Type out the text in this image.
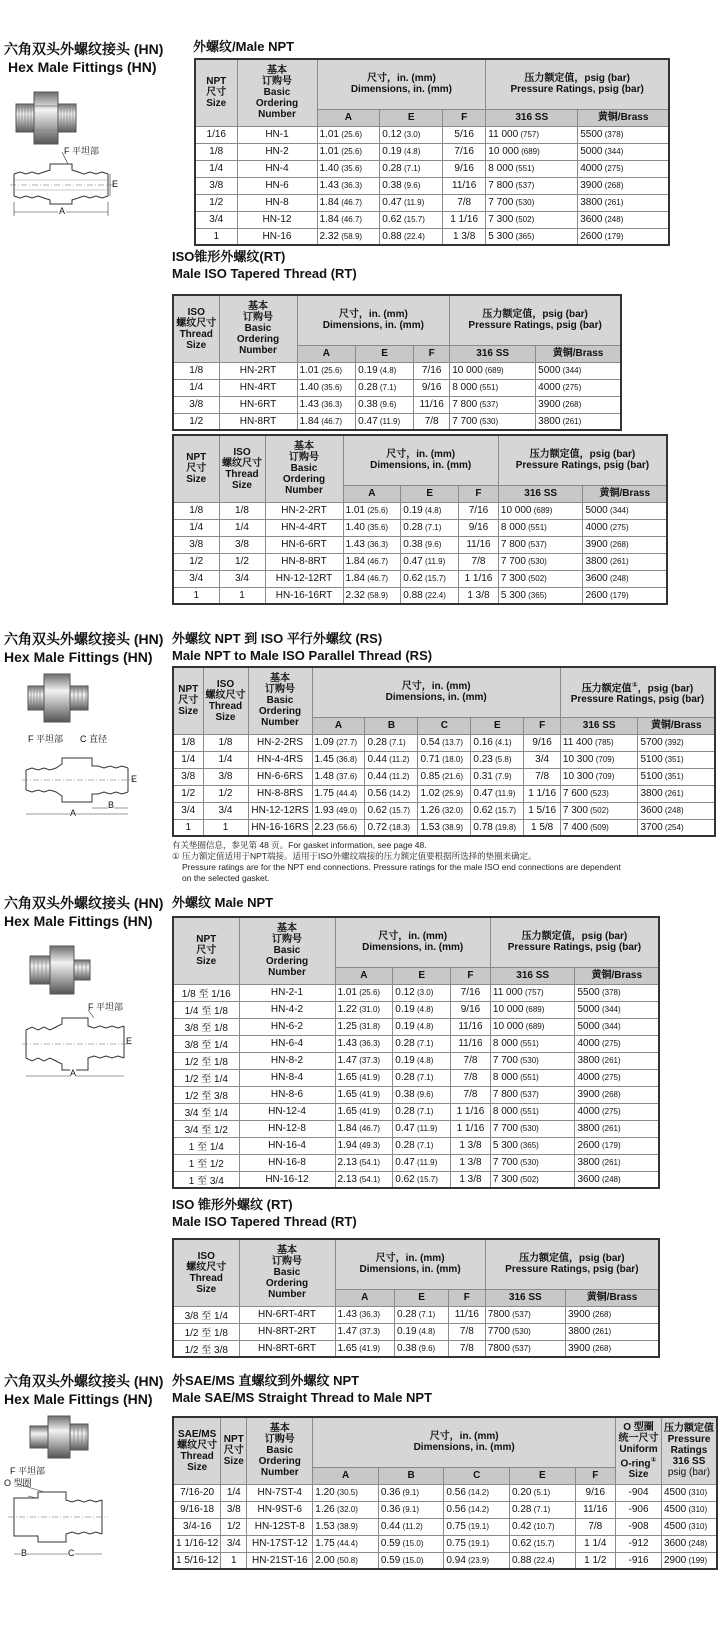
六角双头外螺纹接头 (HN)
Hex Male Fittings (HN)
F 平坦部
E
A
外螺纹/Male NPT
NPT
尺寸
Size	基本
订购号
Basic
Ordering
Number	尺寸，in. (mm)
Dimensions, in. (mm)			压力额定值，psig (bar)
Pressure Ratings, psig (bar)	

		A	E	F	316 SS	黄铜/Brass
1/16	HN-1	1.01 (25.6)	0.12 (3.0)	5/16	11 000 (757)	5500 (378)
1/8	HN-2	1.01 (25.6)	0.19 (4.8)	7/16	10 000 (689)	5000 (344)
1/4	HN-4	1.40 (35.6)	0.28 (7.1)	9/16	8 000 (551)	4000 (275)
3/8	HN-6	1.43 (36.3)	0.38 (9.6)	11/16	7 800 (537)	3900 (268)
1/2	HN-8	1.84 (46.7)	0.47 (11.9)	7/8	7 700 (530)	3800 (261)
3/4	HN-12	1.84 (46.7)	0.62 (15.7)	1 1/16	7 300 (502)	3600 (248)
1	HN-16	2.32 (58.9)	0.88 (22.4)	1 3/8	5 300 (365)	2600 (179)
ISO锥形外螺纹(RT)
Male ISO Tapered Thread (RT)
ISO
螺纹尺寸
Thread
Size	基本
订购号
Basic
Ordering
Number	尺寸，in. (mm)
Dimensions, in. (mm)			压力额定值，psig (bar)
Pressure Ratings, psig (bar)	

		A	E	F	316 SS	黄铜/Brass
1/8	HN-2RT	1.01 (25.6)	0.19 (4.8)	7/16	10 000 (689)	5000 (344)
1/4	HN-4RT	1.40 (35.6)	0.28 (7.1)	9/16	8 000 (551)	4000 (275)
3/8	HN-6RT	1.43 (36.3)	0.38 (9.6)	11/16	7 800 (537)	3900 (268)
1/2	HN-8RT	1.84 (46.7)	0.47 (11.9)	7/8	7 700 (530)	3800 (261)
NPT
尺寸
Size	ISO
螺纹尺寸
Thread
Size	基本
订购号
Basic
Ordering
Number	尺寸，in. (mm)
Dimensions, in. (mm)			压力额定值，psig (bar)
Pressure Ratings, psig (bar)	

			A	E	F	316 SS	黄铜/Brass
1/8	1/8	HN-2-2RT	1.01 (25.6)	0.19 (4.8)	7/16	10 000 (689)	5000 (344)
1/4	1/4	HN-4-4RT	1.40 (35.6)	0.28 (7.1)	9/16	8 000 (551)	4000 (275)
3/8	3/8	HN-6-6RT	1.43 (36.3)	0.38 (9.6)	11/16	7 800 (537)	3900 (268)
1/2	1/2	HN-8-8RT	1.84 (46.7)	0.47 (11.9)	7/8	7 700 (530)	3800 (261)
3/4	3/4	HN-12-12RT	1.84 (46.7)	0.62 (15.7)	1 1/16	7 300 (502)	3600 (248)
1	1	HN-16-16RT	2.32 (58.9)	0.88 (22.4)	1 3/8	5 300 (365)	2600 (179)
六角双头外螺纹接头 (HN)
Hex Male Fittings (HN)
外螺纹 NPT 到 ISO 平行外螺纹 (RS)
Male NPT to Male ISO Parallel Thread (RS)
F 平坦部 C 直径
E
B
A
NPT
尺寸
Size	ISO
螺纹尺寸
Thread
Size	基本
订购号
Basic
Ordering
Number	尺寸，in. (mm)
Dimensions, in. (mm)					压力额定值①，psig (bar)
Pressure Ratings, psig (bar)	

			A	B	C	E	F	316 SS	黄铜/Brass
1/8	1/8	HN-2-2RS	1.09 (27.7)	0.28 (7.1)	0.54 (13.7)	0.16 (4.1)	9/16	11 400 (785)	5700 (392)
1/4	1/4	HN-4-4RS	1.45 (36.8)	0.44 (11.2)	0.71 (18.0)	0.23 (5.8)	3/4	10 300 (709)	5100 (351)
3/8	3/8	HN-6-6RS	1.48 (37.6)	0.44 (11.2)	0.85 (21.6)	0.31 (7.9)	7/8	10 300 (709)	5100 (351)
1/2	1/2	HN-8-8RS	1.75 (44.4)	0.56 (14.2)	1.02 (25.9)	0.47 (11.9)	1 1/16	7 600 (523)	3800 (261)
3/4	3/4	HN-12-12RS	1.93 (49.0)	0.62 (15.7)	1.26 (32.0)	0.62 (15.7)	1 5/16	7 300 (502)	3600 (248)
1	1	HN-16-16RS	2.23 (56.6)	0.72 (18.3)	1.53 (38.9)	0.78 (19.8)	1 5/8	7 400 (509)	3700 (254)
有关垫圈信息，参见第 48 页。For gasket information, see page 48.
① 压力额定值适用于NPT端接。适用于ISO外螺纹端接的压力额定值要根据所选择的垫圈来确定。
Pressure ratings are for the NPT end connections. Pressure ratings for the male ISO end connections are dependent
on the selected gasket.
六角双头外螺纹接头 (HN)
Hex Male Fittings (HN)
外螺纹 Male NPT
F 平坦部
E
A
NPT
尺寸
Size	基本
订购号
Basic
Ordering
Number	尺寸，in. (mm)
Dimensions, in. (mm)			压力额定值，psig (bar)
Pressure Ratings, psig (bar)	

		A	E	F	316 SS	黄铜/Brass
1/8 至 1/16	HN-2-1	1.01 (25.6)	0.12 (3.0)	7/16	11 000 (757)	5500 (378)
1/4 至 1/8	HN-4-2	1.22 (31.0)	0.19 (4.8)	9/16	10 000 (689)	5000 (344)
3/8 至 1/8	HN-6-2	1.25 (31.8)	0.19 (4.8)	11/16	10 000 (689)	5000 (344)
3/8 至 1/4	HN-6-4	1.43 (36.3)	0.28 (7.1)	11/16	8 000 (551)	4000 (275)
1/2 至 1/8	HN-8-2	1.47 (37.3)	0.19 (4.8)	7/8	7 700 (530)	3800 (261)
1/2 至 1/4	HN-8-4	1.65 (41.9)	0.28 (7.1)	7/8	8 000 (551)	4000 (275)
1/2 至 3/8	HN-8-6	1.65 (41.9)	0.38 (9.6)	7/8	7 800 (537)	3900 (268)
3/4 至 1/4	HN-12-4	1.65 (41.9)	0.28 (7.1)	1 1/16	8 000 (551)	4000 (275)
3/4 至 1/2	HN-12-8	1.84 (46.7)	0.47 (11.9)	1 1/16	7 700 (530)	3800 (261)
1 至 1/4	HN-16-4	1.94 (49.3)	0.28 (7.1)	1 3/8	5 300 (365)	2600 (179)
1 至 1/2	HN-16-8	2.13 (54.1)	0.47 (11.9)	1 3/8	7 700 (530)	3800 (261)
1 至 3/4	HN-16-12	2.13 (54.1)	0.62 (15.7)	1 3/8	7 300 (502)	3600 (248)
ISO 锥形外螺纹 (RT)
Male ISO Tapered Thread (RT)
ISO
螺纹尺寸
Thread
Size	基本
订购号
Basic
Ordering
Number	尺寸，in. (mm)
Dimensions, in. (mm)			压力额定值，psig (bar)
Pressure Ratings, psig (bar)	

		A	E	F	316 SS	黄铜/Brass
3/8 至 1/4	HN-6RT-4RT	1.43 (36.3)	0.28 (7.1)	11/16	7800 (537)	3900 (268)
1/2 至 1/8	HN-8RT-2RT	1.47 (37.3)	0.19 (4.8)	7/8	7700 (530)	3800 (261)
1/2 至 3/8	HN-8RT-6RT	1.65 (41.9)	0.38 (9.6)	7/8	7800 (537)	3900 (268)
六角双头外螺纹接头 (HN)
Hex Male Fittings (HN)
外SAE/MS 直螺纹到外螺纹 NPT
Male SAE/MS Straight Thread to Male NPT
F 平坦部
O 型圈
B	C
SAE/MS
螺纹尺寸
Thread
Size	NPT
尺寸
Size	基本
订购号
Basic
Ordering
Number	尺寸，in. (mm)
Dimensions, in. (mm)					O 型圈
统一尺寸
Uniform
O-ring①
Size	压力额定值
Pressure
Ratings
316 SS
psig (bar)

			A	B	C	E	F		
7/16-20	1/4	HN-7ST-4	1.20 (30.5)	0.36 (9.1)	0.56 (14.2)	0.20 (5.1)	9/16	-904	4500 (310)
9/16-18	3/8	HN-9ST-6	1.26 (32.0)	0.36 (9.1)	0.56 (14.2)	0.28 (7.1)	11/16	-906	4500 (310)
3/4-16	1/2	HN-12ST-8	1.53 (38.9)	0.44 (11.2)	0.75 (19.1)	0.42 (10.7)	7/8	-908	4500 (310)
1 1/16-12	3/4	HN-17ST-12	1.75 (44.4)	0.59 (15.0)	0.75 (19.1)	0.62 (15.7)	1 1/4	-912	3600 (248)
1 5/16-12	1	HN-21ST-16	2.00 (50.8)	0.59 (15.0)	0.94 (23.9)	0.88 (22.4)	1 1/2	-916	2900 (199)
